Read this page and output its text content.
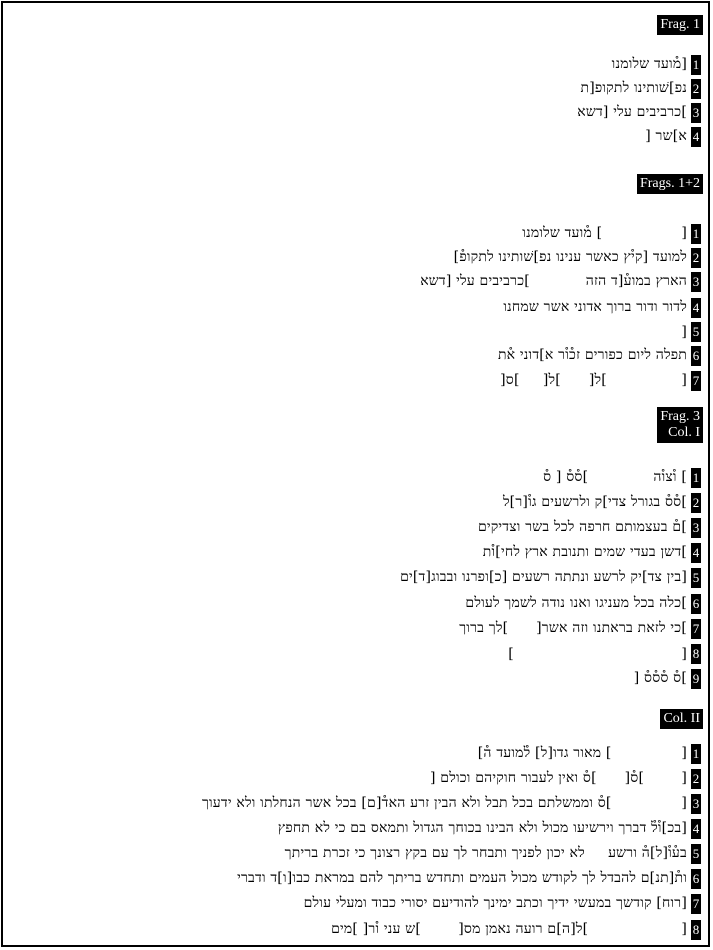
Frag. 1
[מ֯ועד שלומנו 1
נפ]שׁותינו לתקופ[ת 2
]כרביבים עלי [דשא 3
א]שר [ 4
Frags. 1+2
[                 ] מ֯ועד שלומנו 1
למועד [קי֯ץ כאשר ענינו נפ]שׁותינו לתקופ֯] 2
הארץ במוע֯[ד הזה            ]כרביבים עלי [דשא 3
לדור ודור ברוך אדוני אשר שמחנו 4
] 5
תפלה ליום כפורים זכ֯ו֯ר א]דוני א֯ת 6
[                ]ל[      ]ל[     ]ס[ 7
Frag. 3
Col. I
] ו֯צו֯ה              ]ס֯ס֯ [ ס֯ 1
]ס֯ס֯ בגורל צדי]ק ולרשעים גו֯[ר]ל 2
]ם֯ בעצמותם חרפה לכל בשר וצדיקים 3
]דשן בעדי שמים ותנובת ארץ לחי]ו֯ת 4
[בין צד]יק לרשע ונתתה רשעים [כ]ופרנו ובבוג[ד]ים 5
]כלה בכל מעניגו ואנו נודה לשמך לעולם 6
]כי לזאת בראתנו וזה אשר[      ]לך ברוך 7
[                                    ] 8
]ס֯ ס֯ס֯ס֯ [ 9
Col. II
[               ] מאור גדו[ל] ל֯מועד ה֯] 1
[        ]ס֯[      ]ס֯ ואין לעבור חוקיהם וכולם [ 2
[               ]ס֯ וממשלתם בכל תבל ולא הבין זרע האד֯[ם] בכל אשר הנחלתו ולא ידעוך 3
[בכ]ו֯ל֯ דברך וירשיעו מכול ולא הבינו בכוחך הגדול ותמאס בם כי לא תחפץ 4
בע֯ו֯[ל]ה֯ ורשע     לא יכון לפניך ותבחר לך עם בקץ רצונך כי זכרת בריתך 5
ות֯[תנ]ם להבדל לך לקודש מכול העמים ותחדש בריתך להם במראת כבו[ו]ד ודברי 6
[רוח] קודשך במעשי ידיך וכתב ימינך להודיעם יסורי כבוד ומעלי עולם 7
[                    ]ל[ה]ם רועה נאמן מס[        ]ש עני ו֯ר[ ]מים 8
